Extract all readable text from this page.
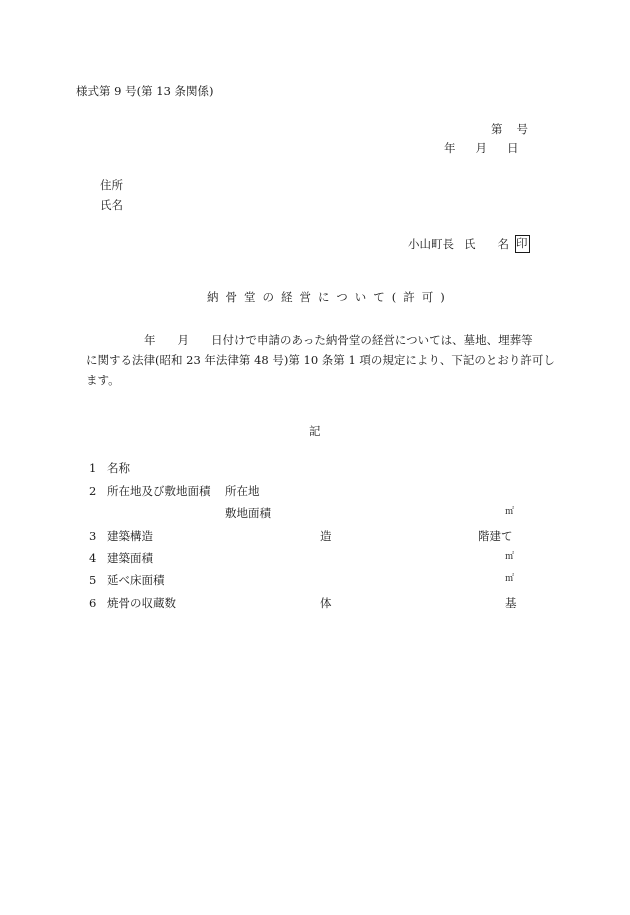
様式第 9 号(第 13 条関係)
第 号
年 月 日
住所
氏名
小山町長 氏 名 印
納骨堂の経営について(許可)
年 月 日付けで申請のあった納骨堂の経営については、墓地、埋葬等
に関する法律(昭和 23 年法律第 48 号)第 10 条第 1 項の規定により、下記のとおり許可し
ます。
記
1 名称
2 所在地及び敷地面積 所在地
敷地面積	㎡
3 建築構造	造	階建て
4 建築面積	㎡
5 延べ床面積	㎡
6 焼骨の収蔵数	体	基
